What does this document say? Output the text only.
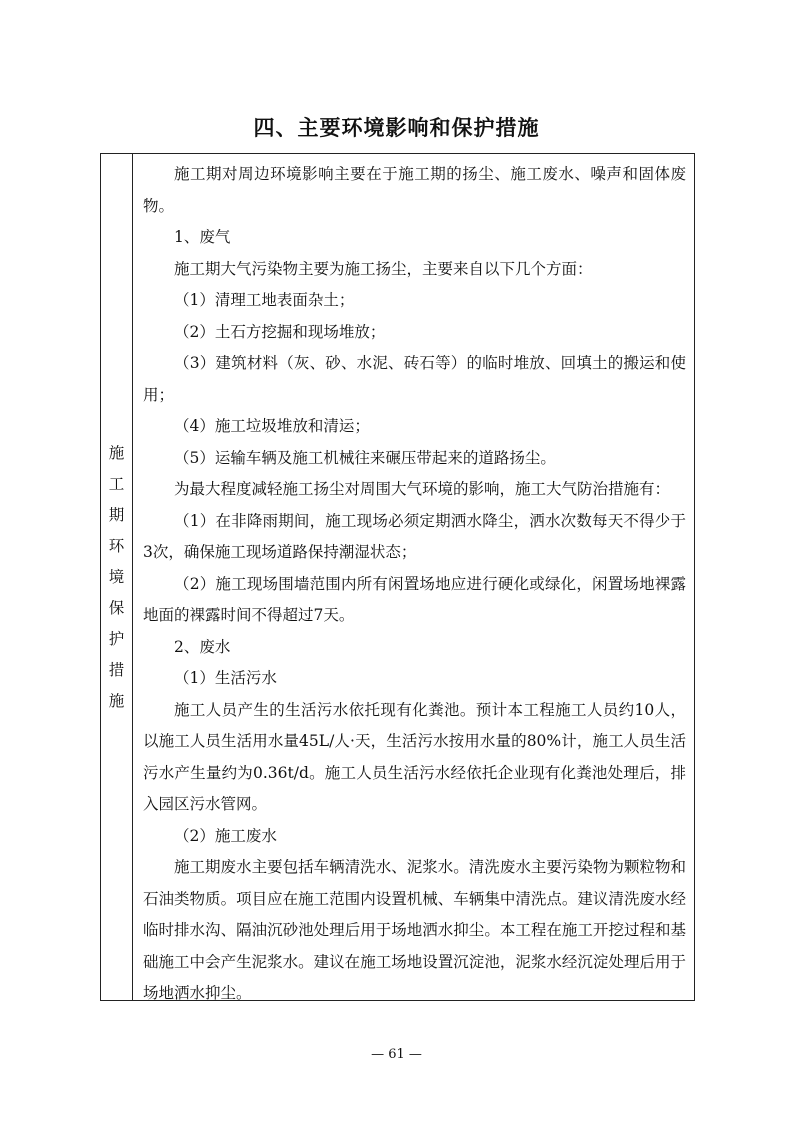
四、主要环境影响和保护措施
施
工
期
环
境
保
护
措
施

施工期对周边环境影响主要在于施工期的扬尘、施工废水、噪声和固体废物。

1、废气

施工期大气污染物主要为施工扬尘，主要来自以下几个方面：

（1）清理工地表面杂土；

（2）土石方挖掘和现场堆放；

（3）建筑材料（灰、砂、水泥、砖石等）的临时堆放、回填土的搬运和使用；

（4）施工垃圾堆放和清运；

（5）运输车辆及施工机械往来碾压带起来的道路扬尘。

为最大程度减轻施工扬尘对周围大气环境的影响，施工大气防治措施有：

（1）在非降雨期间，施工现场必须定期洒水降尘，洒水次数每天不得少于3次，确保施工现场道路保持潮湿状态；

（2）施工现场围墙范围内所有闲置场地应进行硬化或绿化，闲置场地裸露地面的裸露时间不得超过7天。

2、废水

（1）生活污水

施工人员产生的生活污水依托现有化粪池。预计本工程施工人员约10人，以施工人员生活用水量45L/人·天，生活污水按用水量的80%计，施工人员生活污水产生量约为0.36t/d。施工人员生活污水经依托企业现有化粪池处理后，排入园区污水管网。

（2）施工废水

施工期废水主要包括车辆清洗水、泥浆水。清洗废水主要污染物为颗粒物和石油类物质。项目应在施工范围内设置机械、车辆集中清洗点。建议清洗废水经临时排水沟、隔油沉砂池处理后用于场地洒水抑尘。本工程在施工开挖过程和基础施工中会产生泥浆水。建议在施工场地设置沉淀池，泥浆水经沉淀处理后用于场地洒水抑尘。

— 61 —
